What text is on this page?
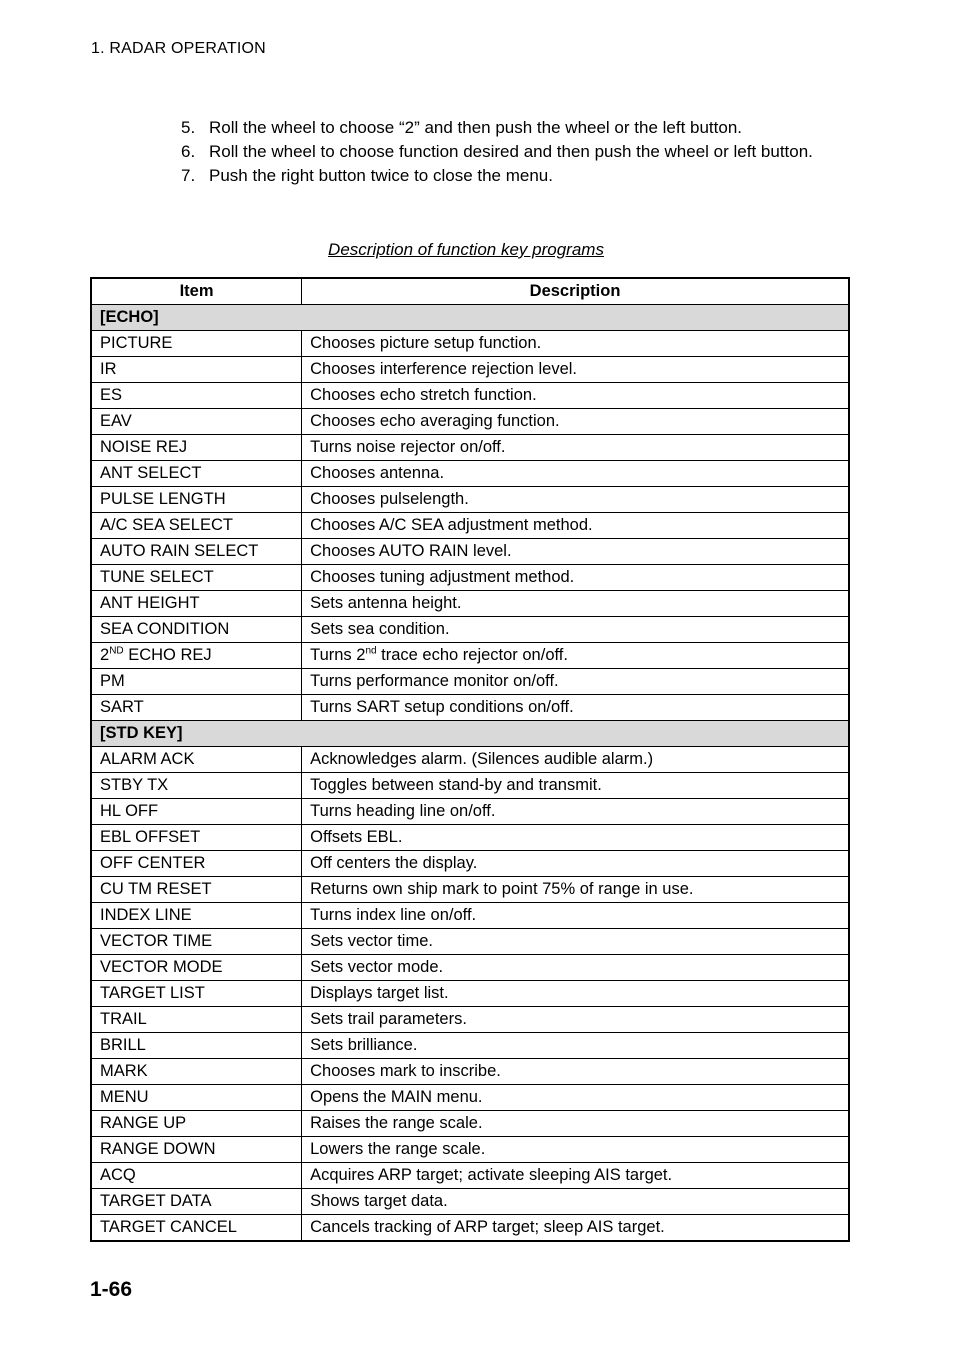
1. RADAR OPERATION
5. Roll the wheel to choose “2” and then push the wheel or the left button.
6. Roll the wheel to choose function desired and then push the wheel or left button.
7. Push the right button twice to close the menu.
Description of function key programs
Item	Description
[ECHO]	
PICTURE	Chooses picture setup function.
IR	Chooses interference rejection level.
ES	Chooses echo stretch function.
EAV	Chooses echo averaging function.
NOISE REJ	Turns noise rejector on/off.
ANT SELECT	Chooses antenna.
PULSE LENGTH	Chooses pulselength.
A/C SEA SELECT	Chooses A/C SEA adjustment method.
AUTO RAIN SELECT	Chooses AUTO RAIN level.
TUNE SELECT	Chooses tuning adjustment method.
ANT HEIGHT	Sets antenna height.
SEA CONDITION	Sets sea condition.
2ND ECHO REJ	Turns 2nd trace echo rejector on/off.
PM	Turns performance monitor on/off.
SART	Turns SART setup conditions on/off.
[STD KEY]	
ALARM ACK	Acknowledges alarm. (Silences audible alarm.)
STBY TX	Toggles between stand-by and transmit.
HL OFF	Turns heading line on/off.
EBL OFFSET	Offsets EBL.
OFF CENTER	Off centers the display.
CU TM RESET	Returns own ship mark to point 75% of range in use.
INDEX LINE	Turns index line on/off.
VECTOR TIME	Sets vector time.
VECTOR MODE	Sets vector mode.
TARGET LIST	Displays target list.
TRAIL	Sets trail parameters.
BRILL	Sets brilliance.
MARK	Chooses mark to inscribe.
MENU	Opens the MAIN menu.
RANGE UP	Raises the range scale.
RANGE DOWN	Lowers the range scale.
ACQ	Acquires ARP target; activate sleeping AIS target.
TARGET DATA	Shows target data.
TARGET CANCEL	Cancels tracking of ARP target; sleep AIS target.
1-66
